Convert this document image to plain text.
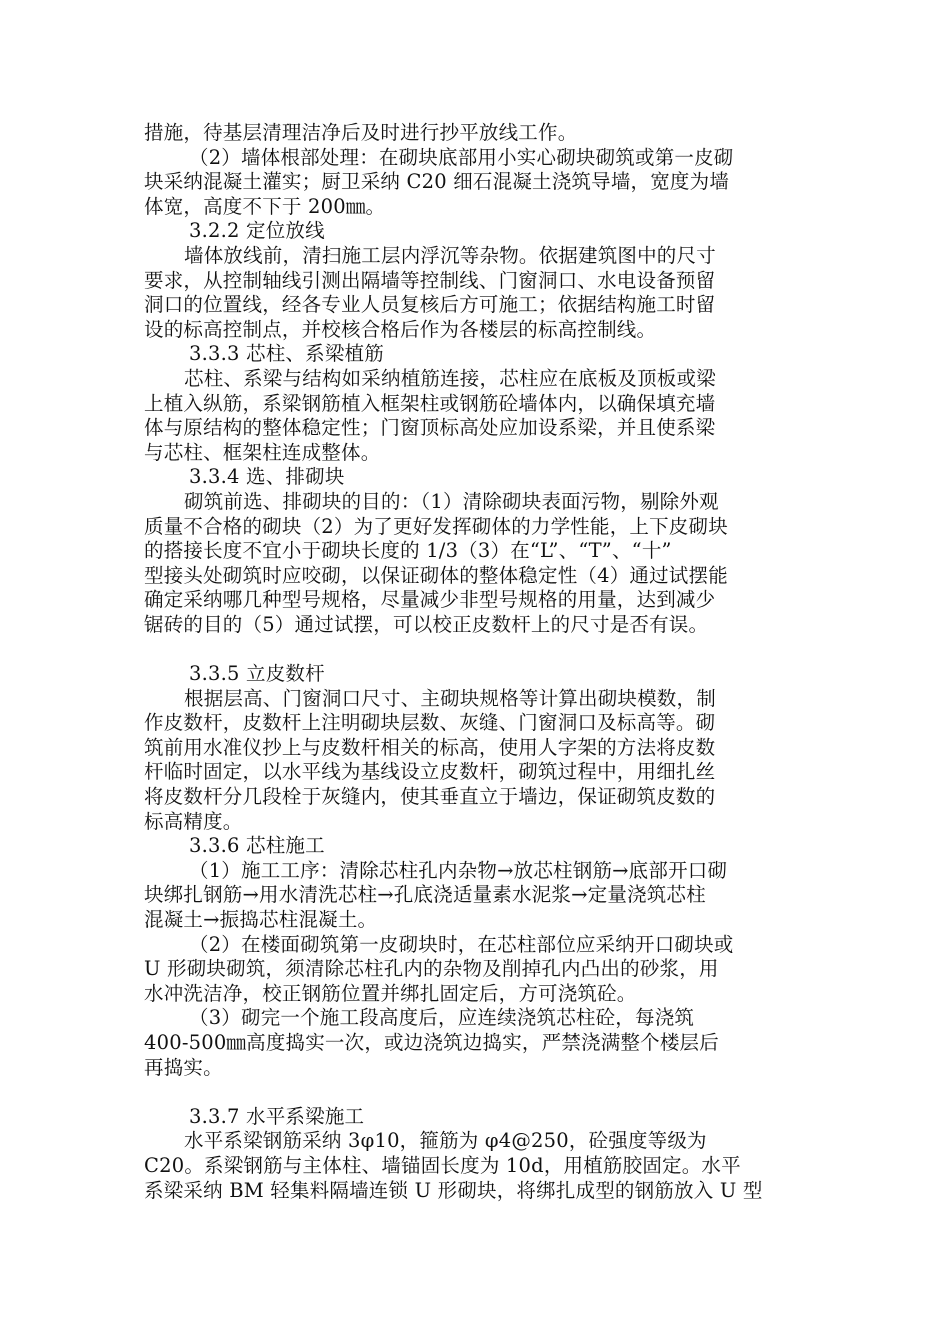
措施，待基层清理洁净后及时进行抄平放线工作。
（2）墙体根部处理：在砌块底部用小实心砌块砌筑或第一皮砌
块采纳混凝土灌实；厨卫采纳 C20 细石混凝土浇筑导墙，宽度为墙
体宽，高度不下于 200㎜。
3.2.2 定位放线
墙体放线前，清扫施工层内浮沉等杂物。依据建筑图中的尺寸
要求，从控制轴线引测出隔墙等控制线、门窗洞口、水电设备预留
洞口的位置线，经各专业人员复核后方可施工；依据结构施工时留
设的标高控制点，并校核合格后作为各楼层的标高控制线。
3.3.3 芯柱、系梁植筋
芯柱、系梁与结构如采纳植筋连接，芯柱应在底板及顶板或梁
上植入纵筋，系梁钢筋植入框架柱或钢筋砼墙体内，以确保填充墙
体与原结构的整体稳定性；门窗顶标高处应加设系梁，并且使系梁
与芯柱、框架柱连成整体。
3.3.4 选、排砌块
砌筑前选、排砌块的目的：（1）清除砌块表面污物，剔除外观
质量不合格的砌块（2）为了更好发挥砌体的力学性能，上下皮砌块
的搭接长度不宜小于砌块长度的 1/3（3）在“L”、“T”、“十”
型接头处砌筑时应咬砌，以保证砌体的整体稳定性（4）通过试摆能
确定采纳哪几种型号规格，尽量减少非型号规格的用量，达到减少
锯砖的目的（5）通过试摆，可以校正皮数杆上的尺寸是否有误。
3.3.5 立皮数杆
根据层高、门窗洞口尺寸、主砌块规格等计算出砌块模数，制
作皮数杆，皮数杆上注明砌块层数、灰缝、门窗洞口及标高等。砌
筑前用水准仪抄上与皮数杆相关的标高，使用人字架的方法将皮数
杆临时固定，以水平线为基线设立皮数杆，砌筑过程中，用细扎丝
将皮数杆分几段栓于灰缝内，使其垂直立于墙边，保证砌筑皮数的
标高精度。
3.3.6 芯柱施工
（1）施工工序：清除芯柱孔内杂物→放芯柱钢筋→底部开口砌
块绑扎钢筋→用水清洗芯柱→孔底浇适量素水泥浆→定量浇筑芯柱
混凝土→振捣芯柱混凝土。
（2）在楼面砌筑第一皮砌块时，在芯柱部位应采纳开口砌块或
U 形砌块砌筑，须清除芯柱孔内的杂物及削掉孔内凸出的砂浆，用
水冲洗洁净，校正钢筋位置并绑扎固定后，方可浇筑砼。
（3）砌完一个施工段高度后，应连续浇筑芯柱砼，每浇筑
400-500㎜高度捣实一次，或边浇筑边捣实，严禁浇满整个楼层后
再捣实。
3.3.7 水平系梁施工
水平系梁钢筋采纳 3φ10，箍筋为 φ4@250，砼强度等级为
C20。系梁钢筋与主体柱、墙锚固长度为 10d，用植筋胶固定。水平
系梁采纳 BM 轻集料隔墙连锁 U 形砌块，将绑扎成型的钢筋放入 U 型
